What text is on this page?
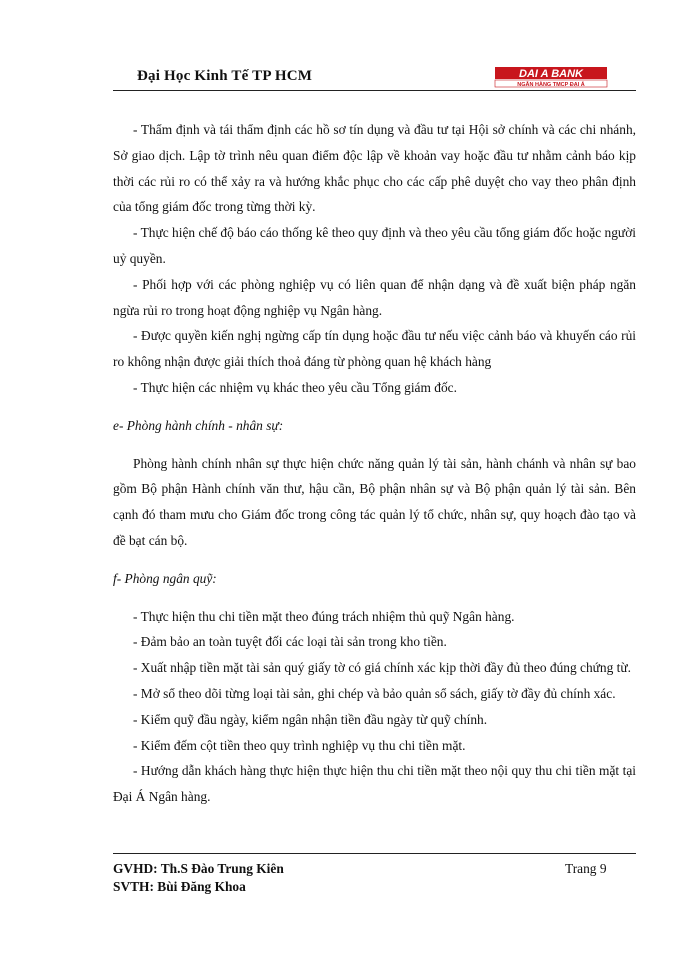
Đại Học Kinh Tế TP HCM	DAI A BANK
NGÂN HÀNG TMCP ĐẠI Á

- Thẩm định và tái thẩm định các hồ sơ tín dụng và đầu tư tại Hội sở chính và các chi nhánh, Sở giao dịch. Lập tờ trình nêu quan điểm độc lập về khoản vay hoặc đầu tư nhằm cảnh báo kịp thời các rủi ro có thể xảy ra và hướng khắc phục cho các cấp phê duyệt cho vay theo phân định của tổng giám đốc trong từng thời kỳ.

- Thực hiện chế độ báo cáo thống kê theo quy định và theo yêu cầu tổng giám đốc hoặc người uỷ quyền.

- Phối hợp với các phòng nghiệp vụ có liên quan để nhận dạng và đề xuất biện pháp ngăn ngừa rủi ro trong hoạt động nghiệp vụ Ngân hàng.

- Được quyền kiến nghị ngừng cấp tín dụng hoặc đầu tư nếu việc cảnh báo và khuyến cáo rủi ro không nhận được giải thích thoả đáng từ phòng quan hệ khách hàng

- Thực hiện các nhiệm vụ khác theo yêu cầu Tổng giám đốc.

e- Phòng hành chính - nhân sự:

Phòng hành chính nhân sự thực hiện chức năng quản lý tài sản, hành chánh và nhân sự bao gồm Bộ phận Hành chính văn thư, hậu cần, Bộ phận nhân sự và Bộ phận quản lý tài sản. Bên cạnh đó tham mưu cho Giám đốc trong công tác quản lý tổ chức, nhân sự, quy hoạch đào tạo và đề bạt cán bộ.

f- Phòng ngân quỹ:

- Thực hiện thu chi tiền mặt theo đúng trách nhiệm thủ quỹ Ngân hàng.

- Đảm bảo an toàn tuyệt đối các loại tài sản trong kho tiền.

- Xuất nhập tiền mặt tài sản quý giấy tờ có giá chính xác kịp thời đầy đủ theo đúng chứng từ.

- Mở sổ theo dõi từng loại tài sản, ghi chép và bảo quản sổ sách, giấy tờ đầy đủ chính xác.

- Kiểm quỹ đầu ngày, kiểm ngân nhận tiền đầu ngày từ quỹ chính.

- Kiểm đếm cột tiền theo quy trình nghiệp vụ thu chi tiền mặt.

- Hướng dẫn khách hàng thực hiện thực hiện thu chi tiền mặt theo nội quy thu chi tiền mặt tại Đại Á Ngân hàng.

GVHD: Th.S Đào Trung Kiên
SVTH: Bùi Đăng Khoa
Trang 9
